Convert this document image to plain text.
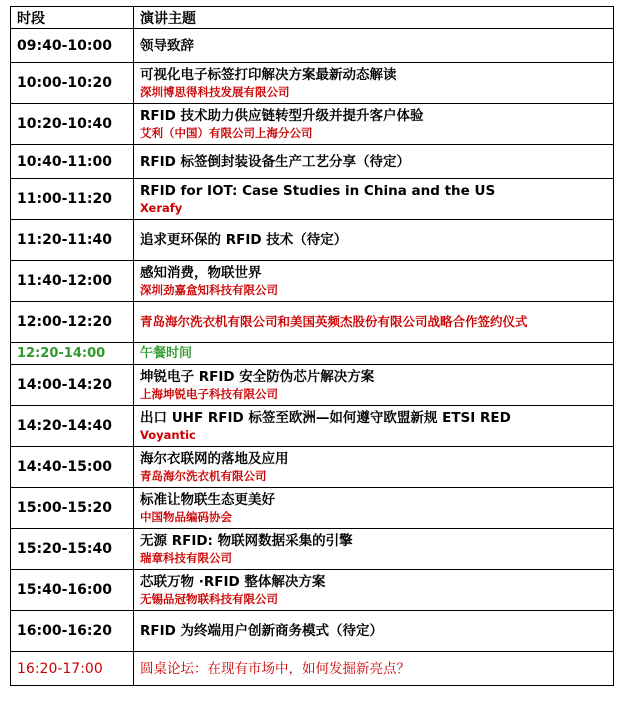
时段	演讲主题
09:40-10:00	领导致辞

10:00-10:20	可视化电子标签打印解决方案最新动态解读
深圳博思得科技发展有限公司

10:20-10:40	RFID 技术助力供应链转型升级并提升客户体验
艾利（中国）有限公司上海分公司

10:40-11:00	RFID 标签倒封装设备生产工艺分享（待定）

11:00-11:20	RFID for IOT: Case Studies in China and the US
Xerafy

11:20-11:40	追求更环保的 RFID 技术（待定）

11:40-12:00	感知消费，物联世界
深圳劲嘉盒知科技有限公司

12:00-12:20	青岛海尔洗衣机有限公司和美国英频杰股份有限公司战略合作签约仪式

12:20-14:00	午餐时间

14:00-14:20	坤锐电子 RFID 安全防伪芯片解决方案
上海坤锐电子科技有限公司

14:20-14:40	出口 UHF RFID 标签至欧洲—如何遵守欧盟新规 ETSI RED
Voyantic

14:40-15:00	海尔衣联网的落地及应用
青岛海尔洗衣机有限公司

15:00-15:20	标准让物联生态更美好
中国物品编码协会

15:20-15:40	无源 RFID: 物联网数据采集的引擎
瑞章科技有限公司

15:40-16:00	芯联万物 ·RFID 整体解决方案
无锡品冠物联科技有限公司

16:00-16:20	RFID 为终端用户创新商务模式（待定）

16:20-17:00	圆桌论坛：在现有市场中，如何发掘新亮点？
